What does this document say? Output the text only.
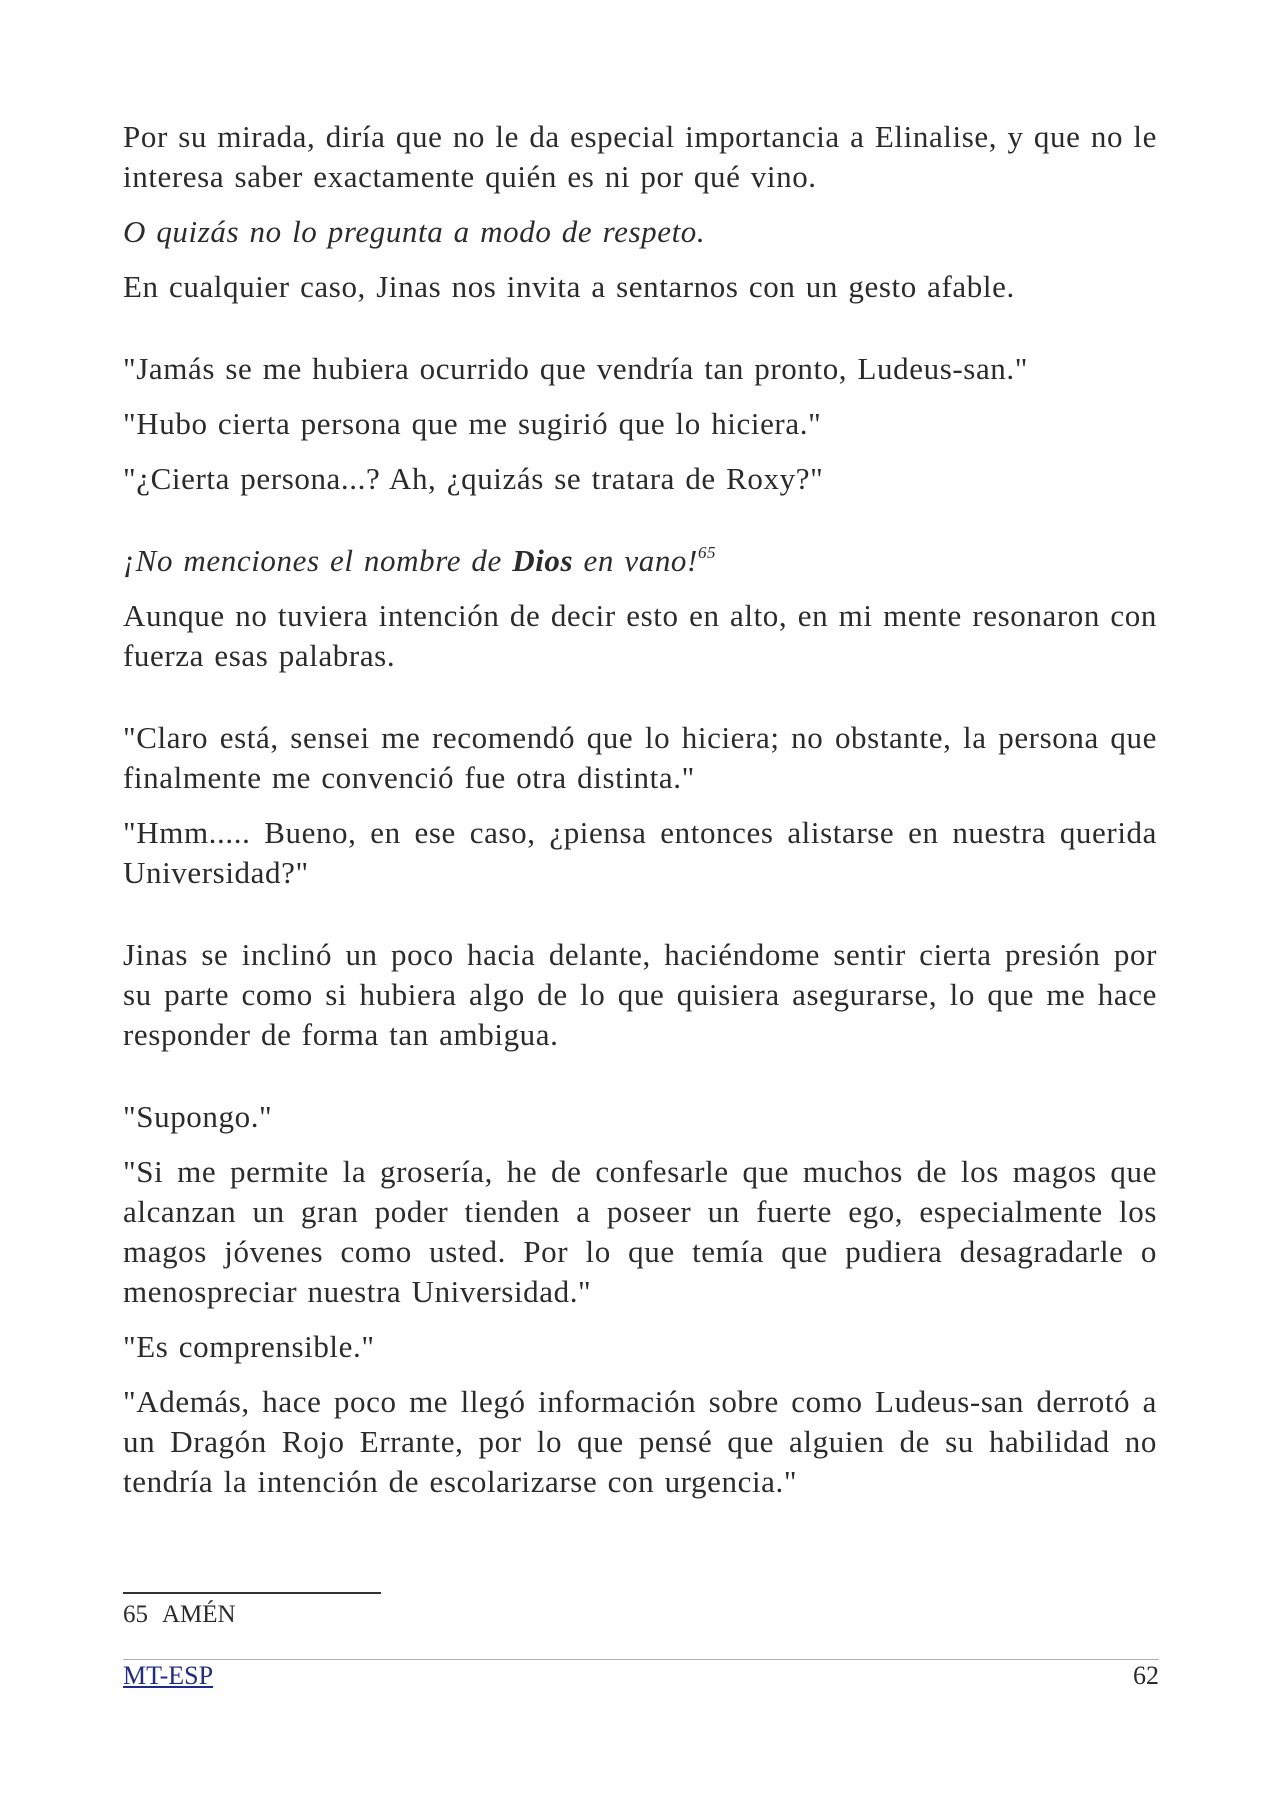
Por su mirada, diría que no le da especial importancia a Elinalise, y que no le interesa saber exactamente quién es ni por qué vino.

O quizás no lo pregunta a modo de respeto.

En cualquier caso, Jinas nos invita a sentarnos con un gesto afable.

"Jamás se me hubiera ocurrido que vendría tan pronto, Ludeus-san."

"Hubo cierta persona que me sugirió que lo hiciera."

"¿Cierta persona...? Ah, ¿quizás se tratara de Roxy?"

¡No menciones el nombre de Dios en vano!$^{65}$

Aunque no tuviera intención de decir esto en alto, en mi mente resonaron con fuerza esas palabras.

"Claro está, sensei me recomendó que lo hiciera; no obstante, la persona que finalmente me convenció fue otra distinta."

"Hmm..... Bueno, en ese caso, ¿piensa entonces alistarse en nuestra querida Universidad?"

Jinas se inclinó un poco hacia delante, haciéndome sentir cierta presión por su parte como si hubiera algo de lo que quisiera asegurarse, lo que me hace responder de forma tan ambigua.

"Supongo."

"Si me permite la grosería, he de confesarle que muchos de los magos que alcanzan un gran poder tienden a poseer un fuerte ego, especialmente los magos jóvenes como usted. Por lo que temía que pudiera desagradarle o menospreciar nuestra Universidad."

"Es comprensible."

"Además, hace poco me llegó información sobre como Ludeus-san derrotó a un Dragón Rojo Errante, por lo que pensé que alguien de su habilidad no tendría la intención de escolarizarse con urgencia."

65 AMÉN
MT-ESP	62
